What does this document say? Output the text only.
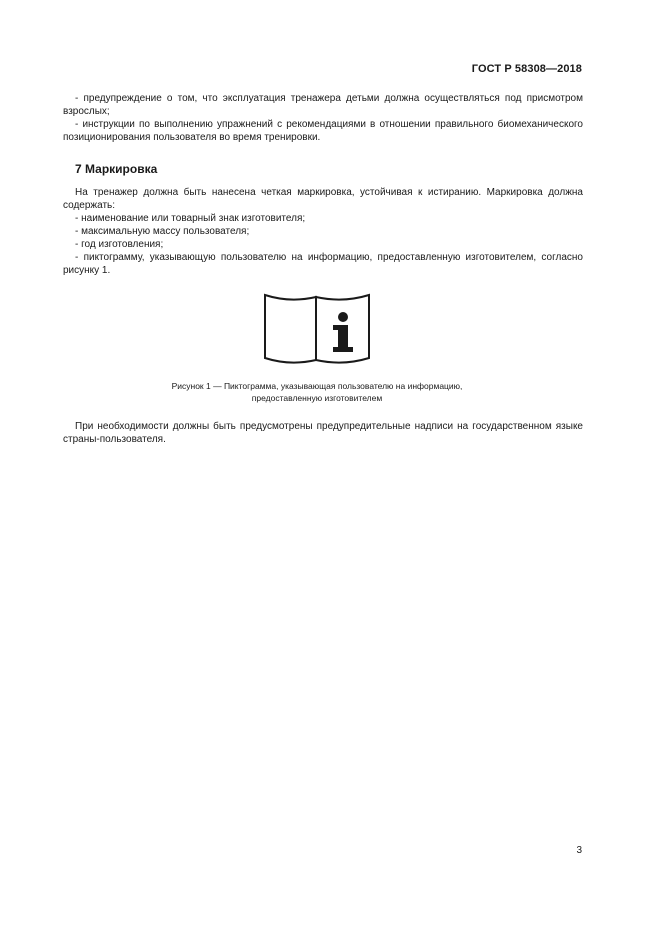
ГОСТ Р 58308—2018

- предупреждение о том, что эксплуатация тренажера детьми должна осуществляться под присмотром взрослых;

- инструкции по выполнению упражнений с рекомендациями в отношении правильного биомеханического позиционирования пользователя во время тренировки.

7 Маркировка

На тренажер должна быть нанесена четкая маркировка, устойчивая к истиранию. Маркировка должна содержать:

- наименование или товарный знак изготовителя;

- максимальную массу пользователя;

- год изготовления;

- пиктограмму, указывающую пользователю на информацию, предоставленную изготовителем, согласно рисунку 1.

Рисунок 1 — Пиктограмма, указывающая пользователю на информацию,
предоставленную изготовителем

При необходимости должны быть предусмотрены предупредительные надписи на государственном языке страны-пользователя.

3
